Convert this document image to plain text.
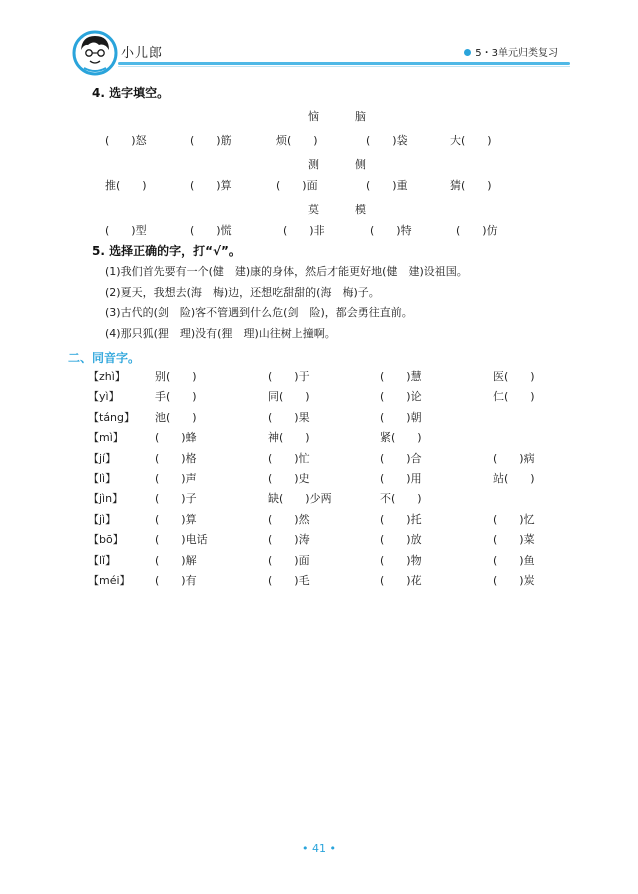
小儿郎	5・3单元归类复习
4. 选字填空。
恼	脑
(　　)怒	(　　)筋	烦(　　)	(　　)袋	大(　　)
测	侧
推(　　)	(　　)算	(　　)面	(　　)重	猜(　　)
莫	模
(　　)型	(　　)慌	(　　)非	(　　)特	(　　)仿
5. 选择正确的字，打“√”。
(1)我们首先要有一个(健　建)康的身体，然后才能更好地(健　建)设祖国。
(2)夏天，我想去(海　梅)边，还想吃甜甜的(海　梅)子。
(3)古代的(剑　险)客不管遇到什么危(剑　险)，都会勇往直前。
(4)那只狐(狸　理)没有(狸　理)山往树上撞啊。
二、同音字。
【zhì】	别(　　)	(　　)于	(　　)慧	医(　　)
【yì】	手(　　)	同(　　)	(　　)论	仁(　　)
【táng】 池(　　)	(　　)果	(　　)朝
【mì】	(　　)蜂	神(　　)	紧(　　)
【jí】	(　　)格	(　　)忙	(　　)合	(　　)病
【lì】	(　　)声	(　　)史	(　　)用	站(　　)
【jìn】	(　　)子	缺(　　)少两	不(　　)
【jì】	(　　)算	(　　)然	(　　)托	(　　)忆
【bō】	(　　)电话	(　　)涛	(　　)放	(　　)菜
【lǐ】	(　　)解	(　　)面	(　　)物	(　　)鱼
【méi】 (　　)有	(　　)毛	(　　)花	(　　)炭
• 41 •
